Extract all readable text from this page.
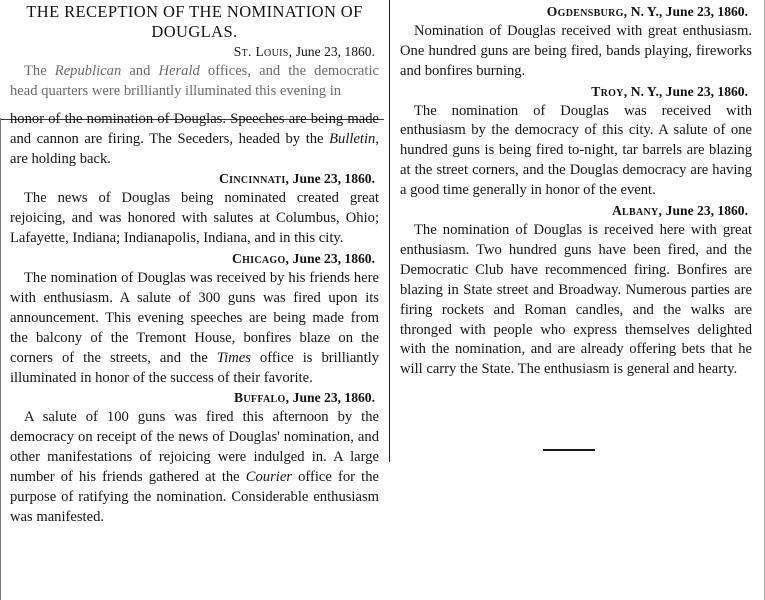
THE RECEPTION OF THE NOMINATION OF
DOUGLAS.
St. Louis, June 23, 1860.

The Republican and Herald offices, and the democratic head quarters were brilliantly illuminated this evening in

honor of the nomination of Douglas. Speeches are being made and cannon are firing. The Seceders, headed by the Bulletin, are holding back.

Cincinnati, June 23, 1860.

The news of Douglas being nominated created great rejoicing, and was honored with salutes at Columbus, Ohio; Lafayette, Indiana; Indianapolis, Indiana, and in this city.

Chicago, June 23, 1860.

The nomination of Douglas was received by his friends here with enthusiasm. A salute of 300 guns was fired upon its announcement. This evening speeches are being made from the balcony of the Tremont House, bonfires blaze on the corners of the streets, and the Times office is brilliantly illuminated in honor of the success of their favorite.

Buffalo, June 23, 1860.

A salute of 100 guns was fired this afternoon by the democracy on receipt of the news of Douglas' nomination, and other manifestations of rejoicing were indulged in. A large number of his friends gathered at the Courier office for the purpose of ratifying the nomination. Considerable enthusiasm was manifested.

Ogdensburg, N. Y., June 23, 1860.

Nomination of Douglas received with great enthusiasm. One hundred guns are being fired, bands playing, fireworks and bonfires burning.

Troy, N. Y., June 23, 1860.

The nomination of Douglas was received with enthusiasm by the democracy of this city. A salute of one hundred guns is being fired to-night, tar barrels are blazing at the street corners, and the Douglas democracy are having a good time generally in honor of the event.

Albany, June 23, 1860.

The nomination of Douglas is received here with great enthusiasm. Two hundred guns have been fired, and the Democratic Club have recommenced firing. Bonfires are blazing in State street and Broadway. Numerous parties are firing rockets and Roman candles, and the walks are thronged with people who express themselves delighted with the nomination, and are already offering bets that he will carry the State. The enthusiasm is general and hearty.
